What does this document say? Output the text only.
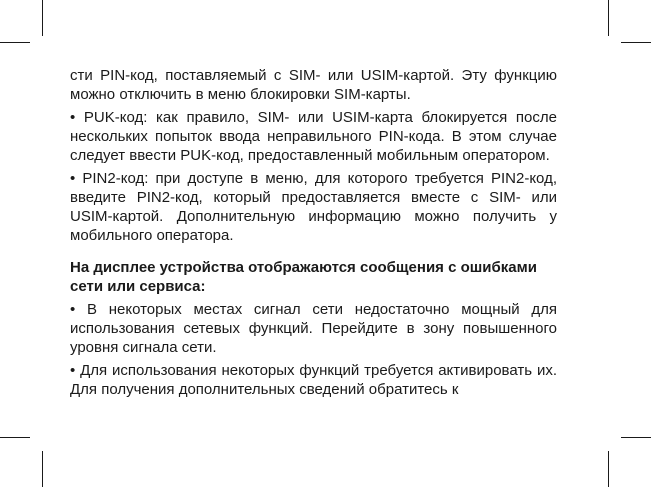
сти PIN-код, поставляемый с SIM- или USIM-картой. Эту функцию можно отключить в меню блокировки SIM-карты.

• PUK-код: как правило, SIM- или USIM-карта блокируется после нескольких попыток ввода неправильного PIN-кода. В этом случае следует ввести PUK-код, предоставленный мобильным оператором.

• PIN2-код: при доступе в меню, для которого требуется PIN2-код, введите PIN2-код, который предоставляется вместе с SIM- или USIM-картой. Дополнительную информацию можно получить у мобильного оператора.

На дисплее устройства отображаются сообщения с ошибками сети или сервиса:

• В некоторых местах сигнал сети недостаточно мощный для использования сетевых функций. Перейдите в зону повышенного уровня сигнала сети.

• Для использования некоторых функций требуется активировать их. Для получения дополнительных сведений обратитесь к
